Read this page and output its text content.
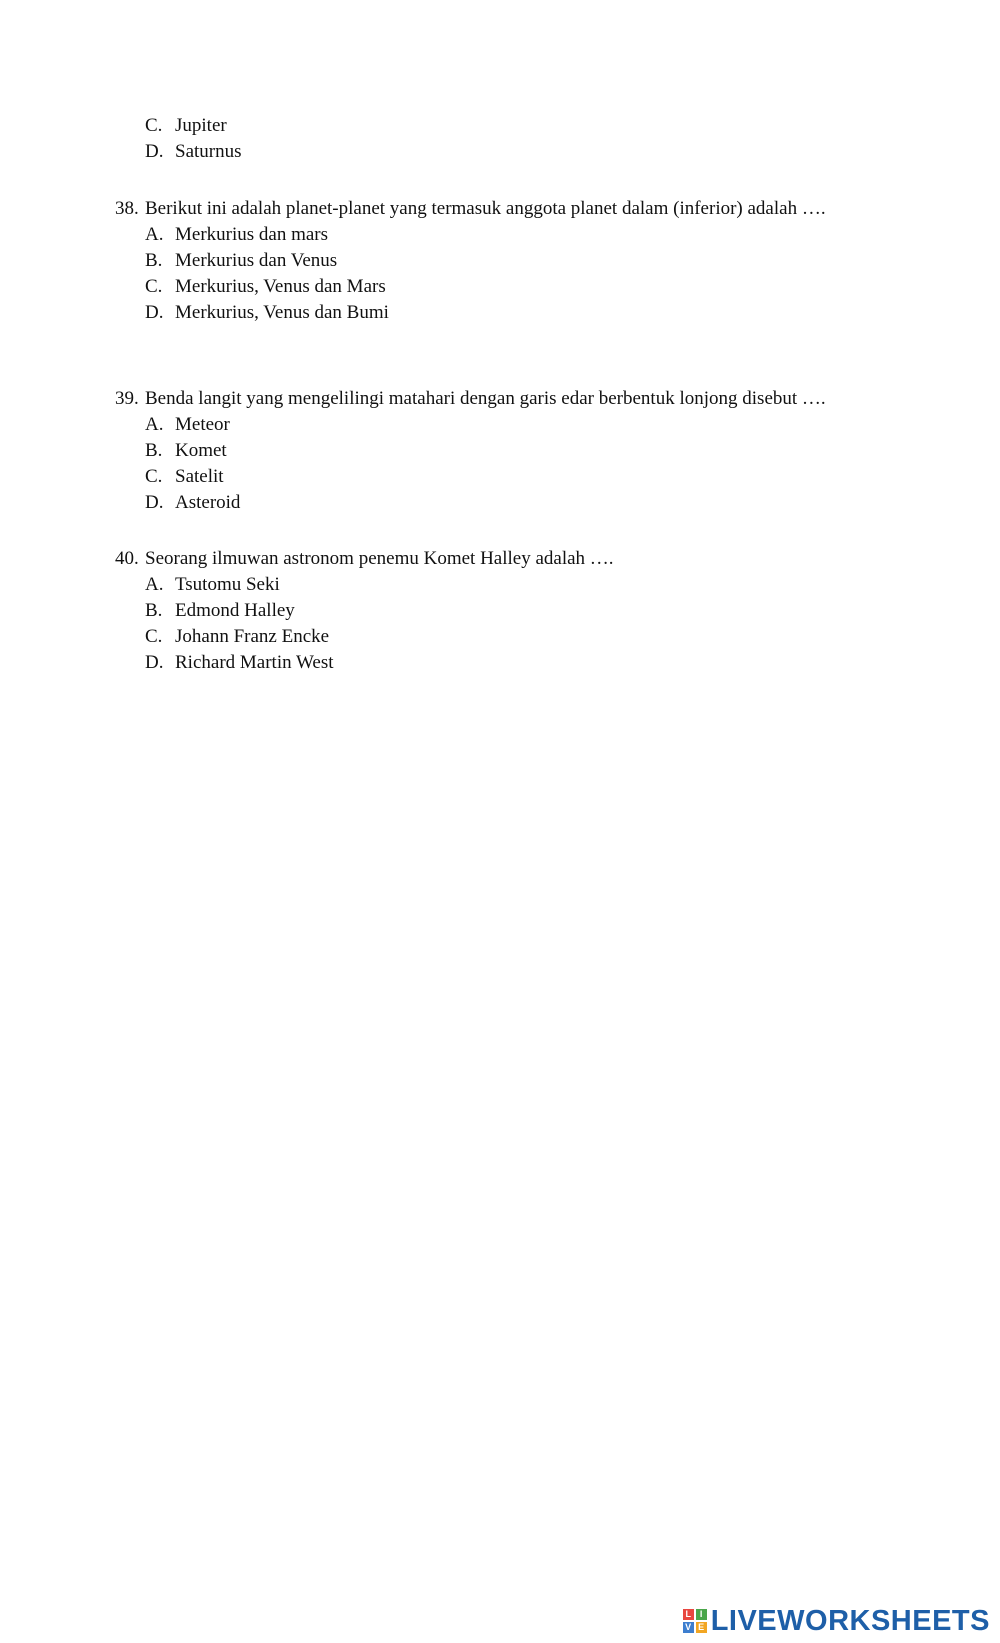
C. Jupiter
D. Saturnus
38. Berikut ini adalah planet-planet yang termasuk anggota planet dalam (inferior) adalah ….
A. Merkurius dan mars
B. Merkurius dan Venus
C. Merkurius, Venus dan Mars
D. Merkurius, Venus dan Bumi
39. Benda langit yang mengelilingi matahari dengan garis edar berbentuk lonjong disebut ….
A. Meteor
B. Komet
C. Satelit
D. Asteroid
40. Seorang ilmuwan astronom penemu Komet Halley adalah ….
A. Tsutomu Seki
B. Edmond Halley
C. Johann Franz Encke
D. Richard Martin West
L I
V E LIVEWORKSHEETS
